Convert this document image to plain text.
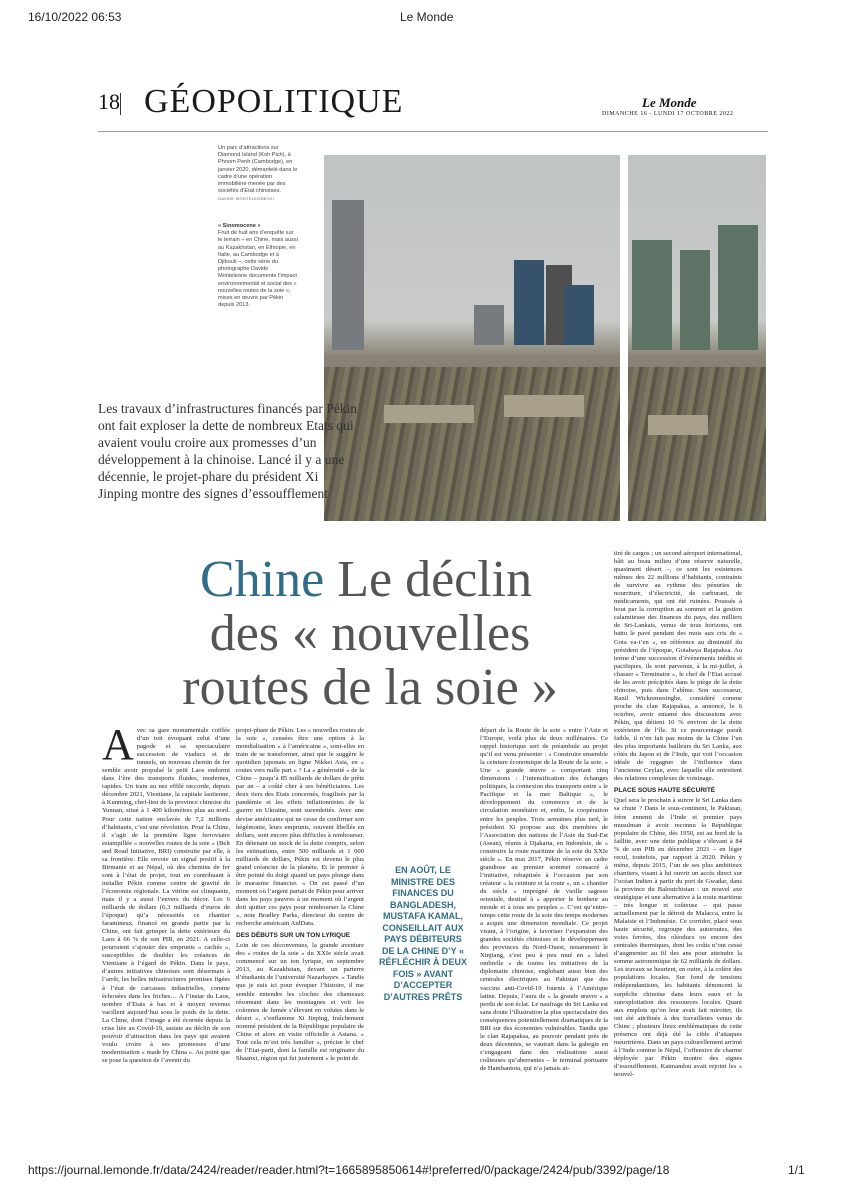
16/10/2022 06:53	Le Monde
18 GÉOPOLITIQUE	Le Monde
DIMANCHE 16 - LUNDI 17 OCTOBRE 2022
Un parc d’attractions sur Diamond Island (Koh Pich), à Phnom Penh (Cambodge), en janvier 2020, démantelé dans le cadre d’une opération immobilière menée par des sociétés d’Etat chinoises.
DAVIDE MONTELEONE/VII
« Sinomocene »
Fruit de huit ans d’enquête sur le terrain – en Chine, mais aussi au Kazakhstan, en Ethiopie, en Italie, au Cambodge et à Djibouti –, cette série du photographe Davide Monteleone documente l’impact environnemental et social des « nouvelles routes de la soie », mises en œuvre par Pékin depuis 2013.
Les travaux d’infrastructures financés par Pékin ont fait exploser la dette de nombreux Etats qui avaient voulu croire aux promesses d’un développement à la chinoise. Lancé il y a une décennie, le projet-phare du président Xi Jinping montre des signes d’essoufflement
Chine Le déclin
des « nouvelles
routes de la soie »
Avec sa gare monumentale coiffée d’un toit évoquant celui d’une pagode et sa spectaculaire succession de viaducs et de tunnels, un nouveau chemin de fer semble avoir propulsé le petit Laos endormi dans l’ère des transports fluides, modernes, rapides. Un train au nez effilé raccorde, depuis décembre 2021, Vientiane, la capitale laotienne, à Kunming, chef-lieu de la province chinoise du Yunnan, situé à 1 400 kilomètres plus au nord. Pour cette nation enclavée de 7,2 millions d’habitants, c’est une révolution. Pour la Chine, il s’agit de la première ligne ferroviaire estampillée « nouvelles routes de la soie » (Belt and Road Initiative, BRI) construite par elle, à sa frontière. Elle envoie un signal positif à la Birmanie et au Népal, où des chemins de fer sont à l’état de projet, tout en contribuant à installer Pékin comme centre de gravité de l’économie régionale. La vitrine est clinquante, mais il y a aussi l’envers du décor. Les 6 milliards de dollars (6,3 milliards d’euros de l’époque) qu’a nécessités ce chantier faramineux, financé en grande partie par la Chine, ont fait grimper la dette extérieure du Laos à 66 % de son PIB, en 2021. A celle-ci pourraient s’ajouter des emprunts « cachés », susceptibles de doubler les créances de Vientiane à l’égard de Pékin. Dans le pays, d’autres initiatives chinoises sont désormais à l’arrêt, les belles infrastructures promises figées à l’état de carcasses industrielles, comme échouées dans les friches… A l’instar du Laos, nombre d’Etats à bas et à moyen revenus vacillent aujourd’hui sous le poids de la dette. La Chine, dont l’image a été écornée depuis la crise liée au Covid-19, assiste au déclin de son pouvoir d’attraction dans les pays qui avaient voulu croire à ses promesses d’une modernisation « made by China ». Au point que se pose la question de l’avenir du
projet-phare de Pékin. Les « nouvelles routes de la soie », censées être une option à la mondialisation « à l’américaine », sont-elles en train de se transformer, ainsi que le suggère le quotidien japonais en ligne Nikkei Asia, en « routes vers nulle part » ? La « générosité » de la Chine – jusqu’à 85 milliards de dollars de prêts par an – a coûté cher à ses bénéficiaires. Les deux tiers des Etats concernés, fragilisés par la pandémie et les effets inflationnistes de la guerre en Ukraine, sont surendettés. Avec une devise américaine qui ne cesse de confirmer son hégémonie, leurs emprunts, souvent libellés en dollars, sont encore plus difficiles à rembourser. En détenant un stock de la dette compris, selon les estimations, entre 500 milliards et 1 000 milliards de dollars, Pékin est devenu le plus grand créancier de la planète. Et le premier à être pointé du doigt quand un pays plonge dans le marasme financier. « On est passé d’un moment où l’argent partait de Pékin pour arriver dans les pays pauvres à un moment où l’argent doit quitter ces pays pour rembourser la Chine », note Bradley Parks, directeur du centre de recherche américain AidData.
DES DÉBUTS SUR UN TON LYRIQUE
Loin de ces déconvenues, la grande aventure des « routes de la soie » du XXIe siècle avait commencé sur un ton lyrique, en septembre 2013, au Kazakhstan, devant un parterre d’étudiants de l’université Nazarbayev. « Tandis que je suis ici pour évoquer l’histoire, il me semble entendre les cloches des chameaux résonnant dans les montagnes et voir les colonnes de fumée s’élevant en volutes dans le désert », s’enflamme Xi Jinping, fraîchement nommé président de la République populaire de Chine et alors en visite officielle à Astana. « Tout cela m’est très familier », précise le chef de l’Etat-parti, dont la famille est originaire du Shaanxi, région qui fut justement « le point de
EN AOÛT, LE MINISTRE DES FINANCES DU BANGLADESH, MUSTAFA KAMAL, CONSEILLAIT AUX PAYS DÉBITEURS DE LA CHINE D’Y « RÉFLÉCHIR À DEUX FOIS » AVANT D’ACCEPTER D’AUTRES PRÊTS
départ de la Route de la soie » entre l’Asie et l’Europe, voilà plus de deux millénaires. Ce rappel historique sert de préambule au projet qu’il est venu présenter : « Construire ensemble la ceinture économique de la Route de la soie. » Une « grande œuvre » comportant cinq dimensions : l’intensification des échanges politiques, la connexion des transports entre « le Pacifique et la mer Baltique », le développement du commerce et de la circulation monétaire et, enfin, la coopération entre les peuples. Trois semaines plus tard, le président Xi propose aux dix membres de l’Association des nations de l’Asie du Sud-Est (Asean), réunis à Djakarta, en Indonésie, de « construire la route maritime de la soie du XXIe siècle ». En mai 2017, Pékin réserve un cadre grandiose au premier sommet consacré à l’initiative, rebaptisée à l’occasion par son créateur « la ceinture et la route », un « chantier du siècle » imprégné de vieille sagesse orientale, destiné à « apporter le bonheur au monde et à tous ses peuples ». C’est qu’entre-temps cette route de la soie des temps modernes a acquis une dimension mondiale. Ce projet visant, à l’origine, à favoriser l’expansion des grandes sociétés chinoises et le développement des provinces du Nord-Ouest, notamment le Xinjiang, s’est peu à peu mué en « label ombrelle » de toutes les initiatives de la diplomatie chinoise, englobant aussi bien des centrales électriques au Pakistan que des vaccins anti-Covid-19 fournis à l’Amérique latine. Depuis, l’aura de « la grande œuvre » a perdu de son éclat. Le naufrage du Sri Lanka est sans doute l’illustration la plus spectaculaire des conséquences potentiellement dramatiques de la BRI sur des économies vulnérables. Tandis que le clan Rajapaksa, au pouvoir pendant près de deux décennies, se vautrait dans la gabegie en s’engageant dans des réalisations aussi coûteuses qu’aberrantes – le terminal portuaire de Hambantota, qui n’a jamais at-
tiré de cargos ; un second aéroport international, bâti au beau milieu d’une réserve naturelle, quasiment désert –, ce sont les existences mêmes des 22 millions d’habitants, contraints de survivre au rythme des pénuries de nourriture, d’électricité, de carburant, de médicaments, qui ont été ruinées. Poussés à bout par la corruption au sommet et la gestion calamiteuse des finances du pays, des milliers de Sri-Lankais, venus de tous horizons, ont battu le pavé pendant des mois aux cris de « Gota va-t’en », en référence au diminutif du président de l’époque, Gotabaya Rajapaksa. Au terme d’une succession d’événements inédits et pacifiques, ils sont parvenus, à la mi-juillet, à chasser « Terminator », le chef de l’Etat accusé de les avoir précipités dans le piège de la dette chinoise, puis dans l’abîme. Son successeur, Ranil Wickremesinghe, considéré comme proche du clan Rajapaksa, a annoncé, le 6 octobre, avoir entamé des discussions avec Pékin, qui détient 10 % environ de la dette extérieure de l’île. Si ce pourcentage paraît faible, il n’en fait pas moins de la Chine l’un des plus importants bailleurs du Sri Lanka, aux côtés du Japon et de l’Inde, qui voit l’occasion idéale de regagner de l’influence dans l’ancienne Ceylan, avec laquelle elle entretient des relations complexes de voisinage.
PLACE SOUS HAUTE SÉCURITÉ
Quel sera le prochain à suivre le Sri Lanka dans sa chute ? Dans le sous-continent, le Pakistan, frère ennemi de l’Inde et premier pays musulman à avoir reconnu la République populaire de Chine, dès 1950, est au bord de la faillite, avec une dette publique s’élevant à 84 % de son PIB en décembre 2021 – en léger recul, toutefois, par rapport à 2020. Pékin y mène, depuis 2015, l’un de ses plus ambitieux chantiers, visant à lui ouvrir un accès direct sur l’océan Indien à partir du port de Gwadar, dans la province du Baloutchistan : un nouvel axe stratégique et une alternative à la route maritime – très longue et coûteuse – qui passe actuellement par le détroit de Malacca, entre la Malaisie et l’Indonésie. Ce corridor, placé sous haute sécurité, regroupe des autoroutes, des voies ferrées, des oléoducs ou encore des centrales thermiques, dont les coûts n’ont cessé d’augmenter au fil des ans pour atteindre la somme astronomique de 62 milliards de dollars. Les travaux se heurtent, en outre, à la colère des populations locales. Sur fond de tensions indépendantistes, les habitants dénoncent la surpêche chinoise dans leurs eaux et la surexploitation des ressources locales. Quant aux emplois qu’on leur avait fait miroiter, ils ont été attribués à des travailleurs venus de Chine ; plusieurs lieux emblématiques de cette présence ont déjà été la cible d’attaques meurtrières. Dans un pays culturellement arrimé à l’Inde comme le Népal, l’offensive de charme déployée par Pékin montre des signes d’essoufflement. Katmandou avait rejoint les « nouvel-
https://journal.lemonde.fr/data/2424/reader/reader.html?t=1665895850614#!preferred/0/package/2424/pub/3392/page/18	1/1
